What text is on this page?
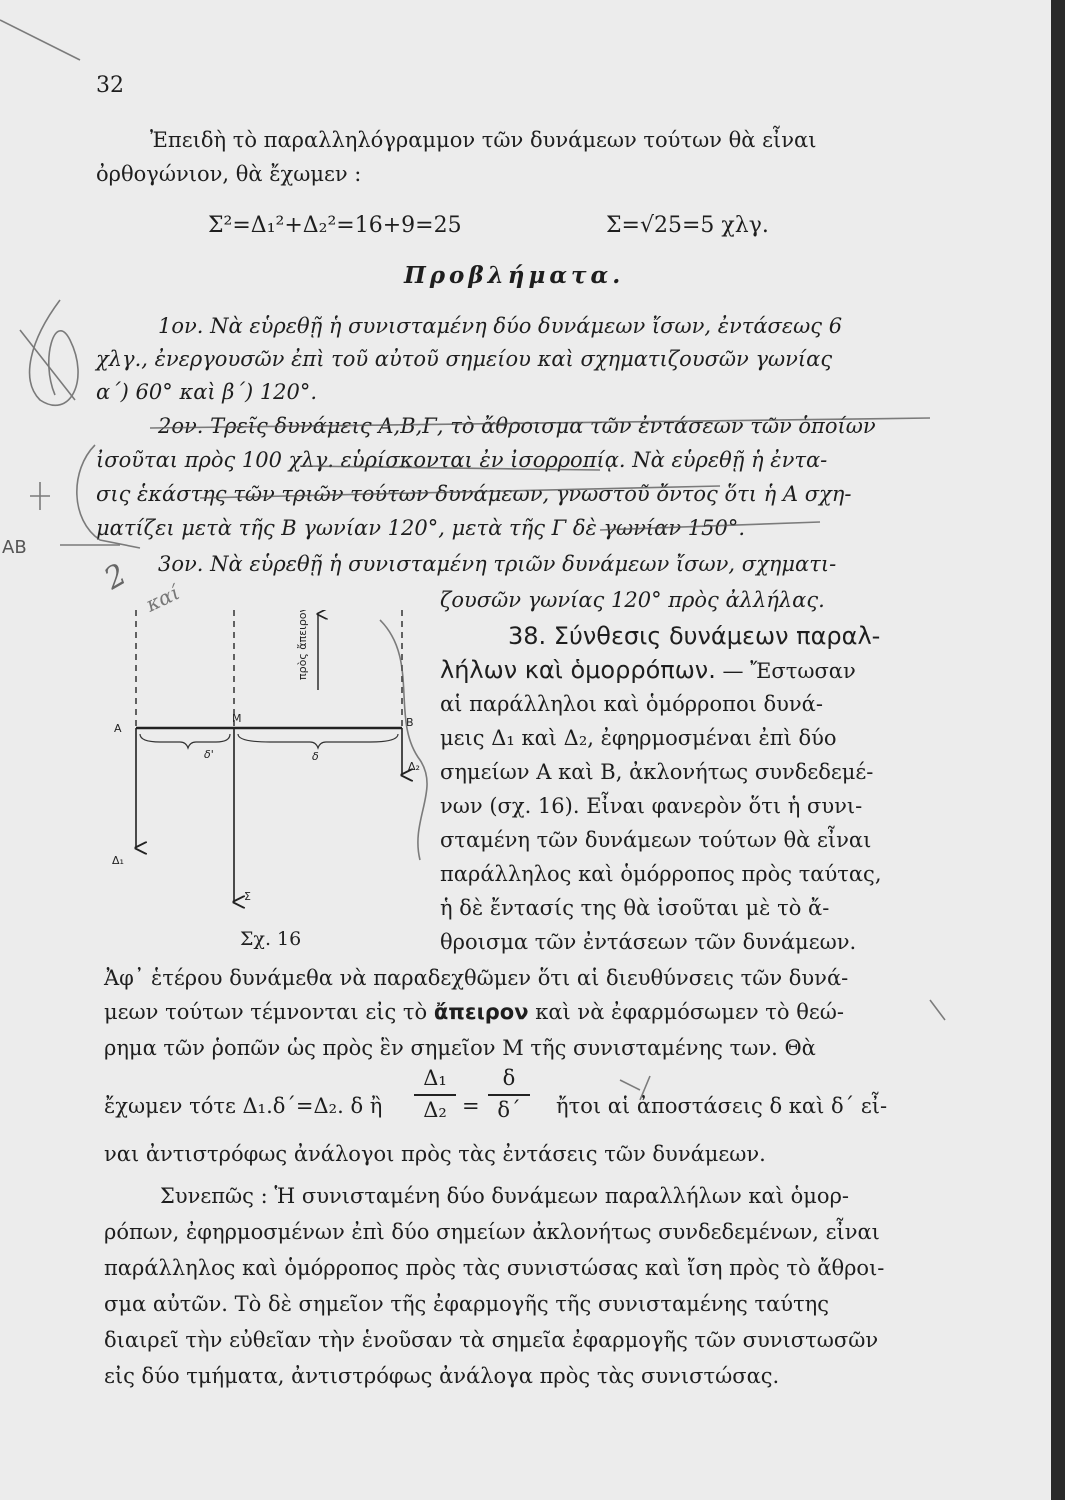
32
Ἐπειδὴ τὸ παραλληλόγραμμον τῶν δυνάμεων τούτων θὰ εἶναι
ὀρθογώνιον, θὰ ἔχωμεν :
Σ²=Δ₁²+Δ₂²=16+9=25	Σ=√25=5 χλγ.
Προβλήματα.
1ον. Νὰ εὑρεθῇ ἡ συνισταμένη δύο δυνάμεων ἴσων, ἐντάσεως 6
χλγ., ἐνεργουσῶν ἐπὶ τοῦ αὐτοῦ σημείου καὶ σχηματιζουσῶν γωνίας
α΄) 60° καὶ β΄) 120°.
2ον. Τρεῖς δυνάμεις Α,Β,Γ, τὸ ἄθροισμα τῶν ἐντάσεων τῶν ὁποίων
ἰσοῦται πρὸς 100 χλγ. εὑρίσκονται ἐν ἰσορροπίᾳ. Νὰ εὑρεθῇ ἡ ἐντα-
σις ἑκάστης τῶν τριῶν τούτων δυνάμεων, γνωστοῦ ὄντος ὅτι ἡ Α σχη-
ματίζει μετὰ τῆς Β γωνίαν 120°, μετὰ τῆς Γ δὲ γωνίαν 150°.
3ον. Νὰ εὑρεθῇ ἡ συνισταμένη τριῶν δυνάμεων ἴσων, σχηματι-
ζουσῶν γωνίας 120° πρὸς ἀλλήλας.
38. Σύνθεσις δυνάμεων παραλ-
λήλων καὶ ὁμορρόπων. — Ἔστωσαν
αἱ παράλληλοι καὶ ὁμόρροποι δυνά-
μεις Δ₁ καὶ Δ₂, ἐφηρμοσμέναι ἐπὶ δύο
σημείων Α καὶ Β, ἀκλονήτως συνδεδεμέ-
νων (σχ. 16). Εἶναι φανερὸν ὅτι ἡ συνι-
σταμένη τῶν δυνάμεων τούτων θὰ εἶναι
παράλληλος καὶ ὁμόρροπος πρὸς ταύτας,
ἡ δὲ ἔντασίς της θὰ ἰσοῦται μὲ τὸ ἄ-
θροισμα τῶν ἐντάσεων τῶν δυνάμεων.
πρὸς ἄπειρον
Α
Μ	Β
δ'	δ
Δ₁
Δ₂
Σ
Σχ. 16
Ἀφ᾽ ἑτέρου δυνάμεθα νὰ παραδεχθῶμεν ὅτι αἱ διευθύνσεις τῶν δυνά-
μεων τούτων τέμνονται εἰς τὸ ἄπειρον καὶ νὰ ἐφαρμόσωμεν τὸ θεώ-
ρημα τῶν ῥοπῶν ὡς πρὸς ἓν σημεῖον Μ τῆς συνισταμένης των. Θὰ
ἔχωμεν τότε Δ₁.δ΄=Δ₂. δ ἢ
Δ₁
Δ₂ =
δ
δ΄	ἤτοι αἱ ἀποστάσεις δ καὶ δ΄ εἶ-
ναι ἀντιστρόφως ἀνάλογοι πρὸς τὰς ἐντάσεις τῶν δυνάμεων.
Συνεπῶς : Ἡ συνισταμένη δύο δυνάμεων παραλλήλων καὶ ὁμορ-
ρόπων, ἐφηρμοσμένων ἐπὶ δύο σημείων ἀκλονήτως συνδεδεμένων, εἶναι
παράλληλος καὶ ὁμόρροπος πρὸς τὰς συνιστώσας καὶ ἴση πρὸς τὸ ἄθροι-
σμα αὐτῶν. Τὸ δὲ σημεῖον τῆς ἐφαρμογῆς τῆς συνισταμένης ταύτης
διαιρεῖ τὴν εὐθεῖαν τὴν ἑνοῦσαν τὰ σημεῖα ἐφαρμογῆς τῶν συνιστωσῶν
εἰς δύο τμήματα, ἀντιστρόφως ἀνάλογα πρὸς τὰς συνιστώσας.
ΑΒ
2
καί
